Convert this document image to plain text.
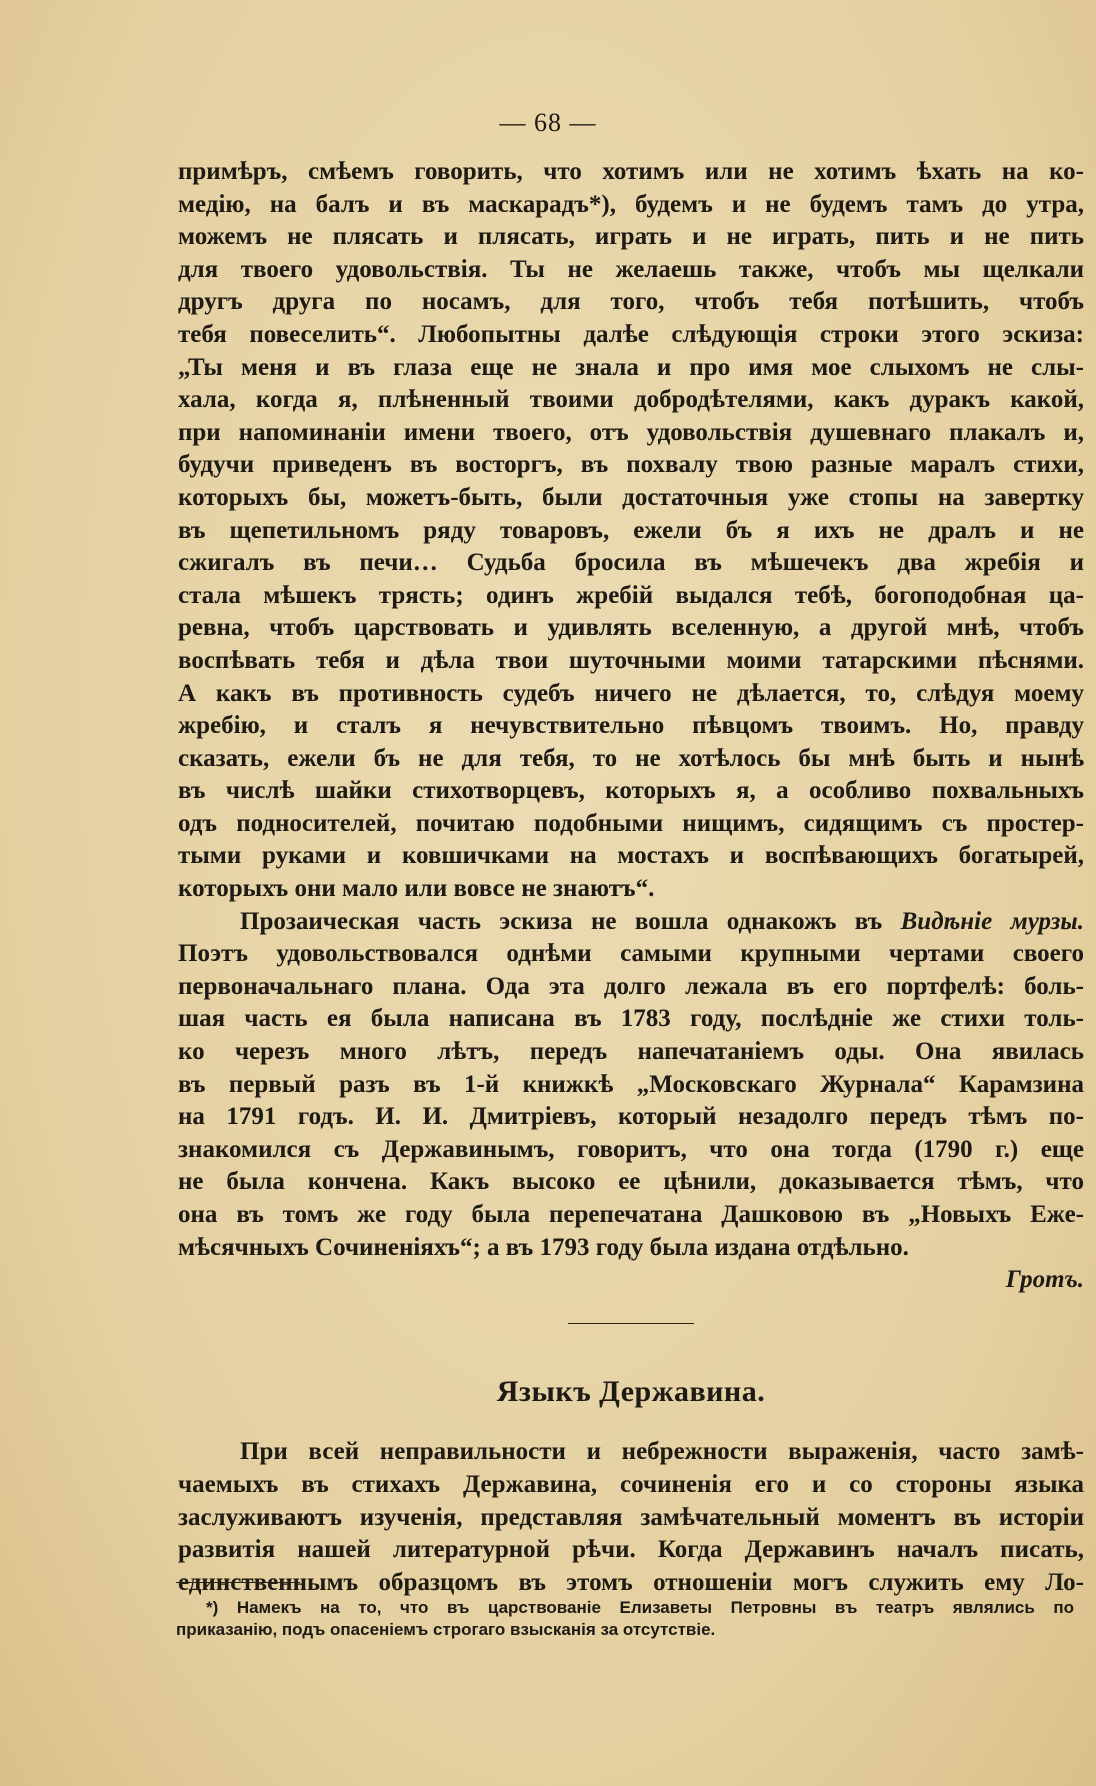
— 68 —
примѣръ, смѣемъ говорить, что хотимъ или не хотимъ ѣхать на ко-
медію, на балъ и въ маскарадъ*), будемъ и не будемъ тамъ до утра,
можемъ не плясать и плясать, играть и не играть, пить и не пить
для твоего удовольствія. Ты не желаешь также, чтобъ мы щелкали
другъ друга по носамъ, для того, чтобъ тебя потѣшить, чтобъ
тебя повеселить“. Любопытны далѣе слѣдующія строки этого эскиза:
„Ты меня и въ глаза еще не знала и про имя мое слыхомъ не слы-
хала, когда я, плѣненный твоими добродѣтелями, какъ дуракъ какой,
при напоминаніи имени твоего, отъ удовольствія душевнаго плакалъ и,
будучи приведенъ въ восторгъ, въ похвалу твою разные маралъ стихи,
которыхъ бы, можетъ-быть, были достаточныя уже стопы на завертку
въ щепетильномъ ряду товаровъ, ежели бъ я ихъ не дралъ и не
сжигалъ въ печи… Судьба бросила въ мѣшечекъ два жребія и
стала мѣшекъ трясть; одинъ жребій выдался тебѣ, богоподобная ца-
ревна, чтобъ царствовать и удивлять вселенную, а другой мнѣ, чтобъ
воспѣвать тебя и дѣла твои шуточными моими татарскими пѣснями.
А какъ въ противность судебъ ничего не дѣлается, то, слѣдуя моему
жребію, и сталъ я нечувствительно пѣвцомъ твоимъ. Но, правду
сказать, ежели бъ не для тебя, то не хотѣлось бы мнѣ быть и нынѣ
въ числѣ шайки стихотворцевъ, которыхъ я, а особливо похвальныхъ
одъ подносителей, почитаю подобными нищимъ, сидящимъ съ простер-
тыми руками и ковшичками на мостахъ и воспѣвающихъ богатырей,
которыхъ они мало или вовсе не знаютъ“.
Прозаическая часть эскиза не вошла однакожъ въ Видѣніе мурзы.
Поэтъ удовольствовался однѣми самыми крупными чертами своего
первоначальнаго плана. Ода эта долго лежала въ его портфелѣ: боль-
шая часть ея была написана въ 1783 году, послѣдніе же стихи толь-
ко черезъ много лѣтъ, передъ напечатаніемъ оды. Она явилась
въ первый разъ въ 1-й книжкѣ „Московскаго Журнала“ Карамзина
на 1791 годъ. И. И. Дмитріевъ, который незадолго передъ тѣмъ по-
знакомился съ Державинымъ, говоритъ, что она тогда (1790 г.) еще
не была кончена. Какъ высоко ее цѣнили, доказывается тѣмъ, что
она въ томъ же году была перепечатана Дашковою въ „Новыхъ Еже-
мѣсячныхъ Сочиненіяхъ“; а въ 1793 году была издана отдѣльно.
Гротъ.
Языкъ Державина.
При всей неправильности и небрежности выраженія, часто замѣ-
чаемыхъ въ стихахъ Державина, сочиненія его и со стороны языка
заслуживаютъ изученія, представляя замѣчательный моментъ въ исторіи
развитія нашей литературной рѣчи. Когда Державинъ началъ писать,
единственнымъ образцомъ въ этомъ отношеніи могъ служить ему Ло-
*) Намекъ на то, что въ царствованіе Елизаветы Петровны въ театръ являлись по
приказанію, подъ опасеніемъ строгаго взысканія за отсутствіе.
